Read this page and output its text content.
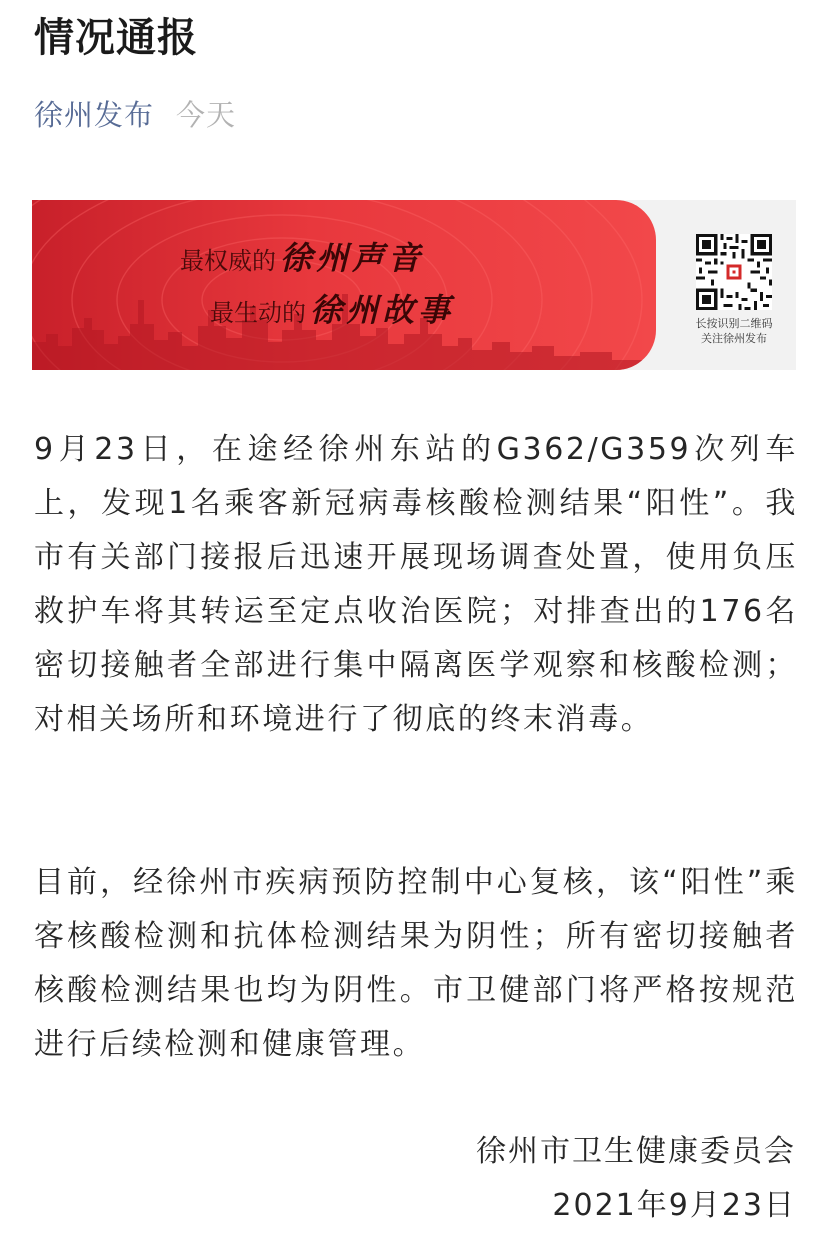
情况通报
徐州发布 今天
最权威的 徐州声音
最生动的 徐州故事	长按识别二维码
关注徐州发布
9月23日，在途经徐州东站的G362/G359次列车上，发现1名乘客新冠病毒核酸检测结果“阳性”。我市有关部门接报后迅速开展现场调查处置，使用负压救护车将其转运至定点收治医院；对排查出的176名密切接触者全部进行集中隔离医学观察和核酸检测；对相关场所和环境进行了彻底的终末消毒。
目前，经徐州市疾病预防控制中心复核，该“阳性”乘客核酸检测和抗体检测结果为阴性；所有密切接触者核酸检测结果也均为阴性。市卫健部门将严格按规范进行后续检测和健康管理。
徐州市卫生健康委员会
2021年9月23日
